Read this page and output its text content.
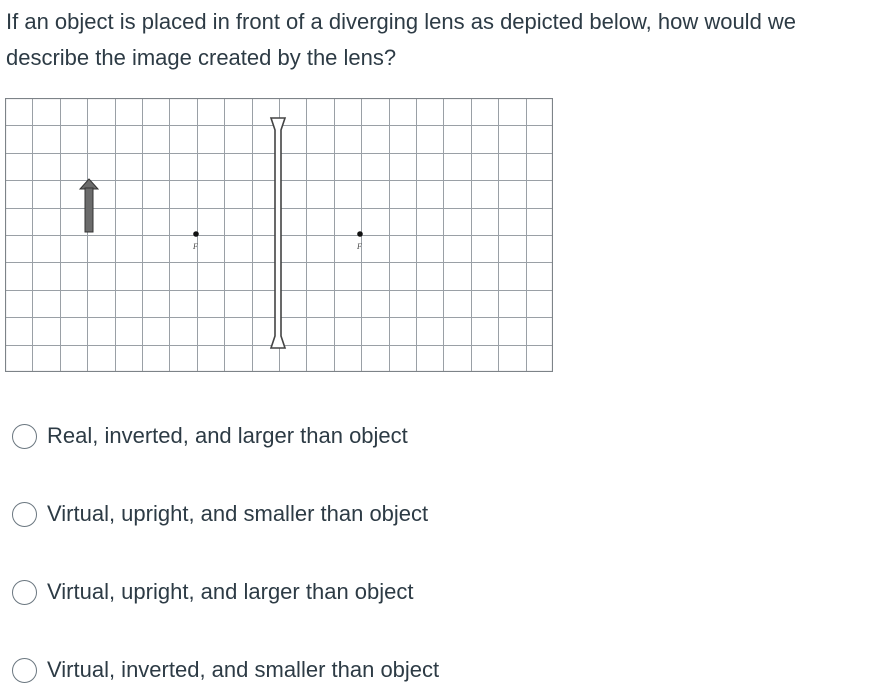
If an object is placed in front of a diverging lens as depicted below, how would we describe the image created by the lens?
F	F
Real, inverted, and larger than object
Virtual, upright, and smaller than object
Virtual, upright, and larger than object
Virtual, inverted, and smaller than object
